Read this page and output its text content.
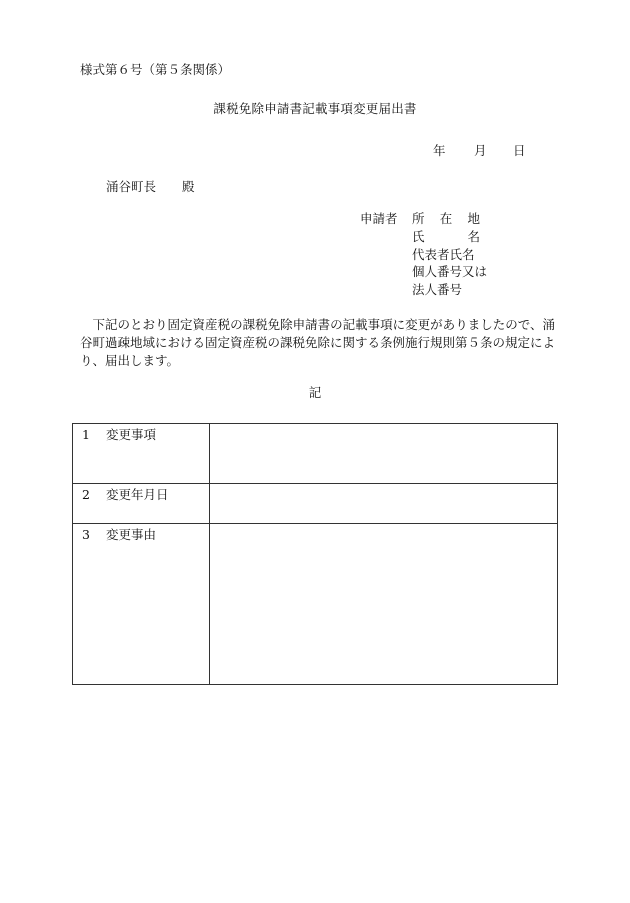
様式第６号（第５条関係）
課税免除申請書記載事項変更届出書
年 月 日
涌谷町長 殿
申請者 所　在　地
氏　　　名
代表者氏名
個人番号又は
法人番号
下記のとおり固定資産税の課税免除申請書の記載事項に変更がありましたので、涌谷町過疎地域における固定資産税の課税免除に関する条例施行規則第５条の規定により、届出します。
記
1 変更事項	
2 変更年月日	
3 変更事由	
